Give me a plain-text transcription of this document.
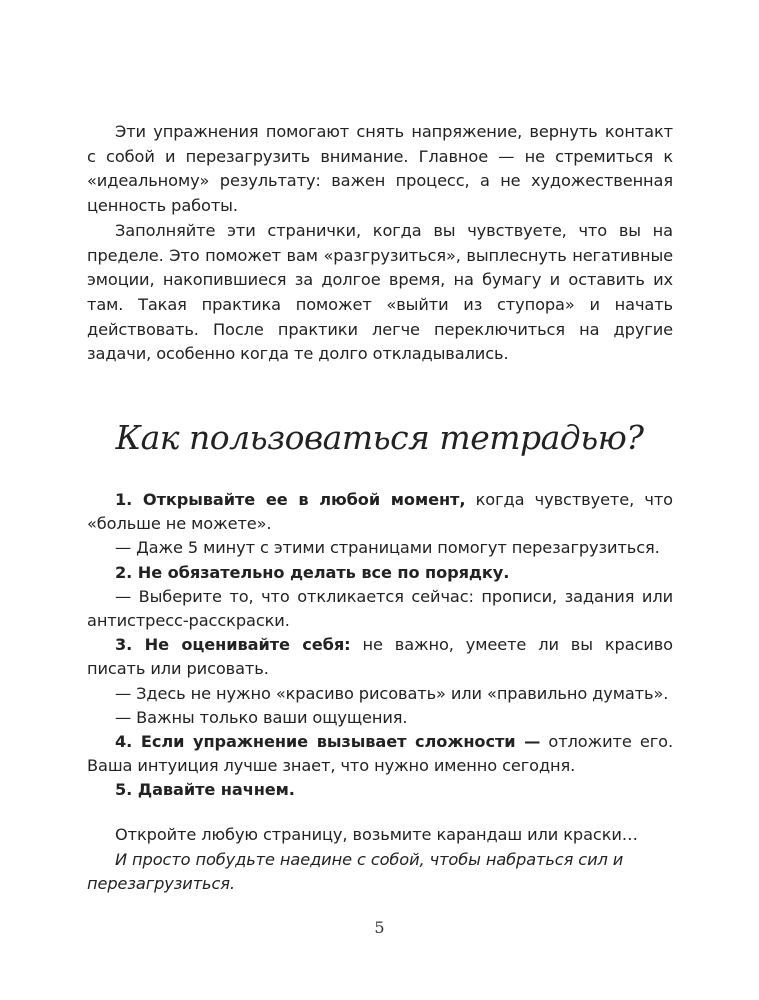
Эти упражнения помогают снять напряжение, вернуть контакт с собой и перезагрузить внимание. Главное — не стремиться к «идеальному» результату: важен процесс, а не художественная ценность работы.

Заполняйте эти странички, когда вы чувствуете, что вы на пределе. Это поможет вам «разгрузиться», выплеснуть негативные эмоции, накопившиеся за долгое время, на бумагу и оставить их там. Такая практика поможет «выйти из ступора» и начать действовать. После практики легче переключиться на другие задачи, особенно когда те долго откладывались.

Как пользоваться тетрадью?

1. Открывайте ее в любой момент, когда чувствуете, что «больше не можете».

— Даже 5 минут с этими страницами помогут перезагрузиться.

2. Не обязательно делать все по порядку.

— Выберите то, что откликается сейчас: прописи, задания или антистресс-расскраски.

3. Не оценивайте себя: не важно, умеете ли вы красиво писать или рисовать.

— Здесь не нужно «красиво рисовать» или «правильно думать».

— Важны только ваши ощущения.

4. Если упражнение вызывает сложности — отложите его. Ваша интуиция лучше знает, что нужно именно сегодня.

5. Давайте начнем.

Откройте любую страницу, возьмите карандаш или краски…

И просто побудьте наедине с собой, чтобы набраться сил и перезагрузиться.

5
